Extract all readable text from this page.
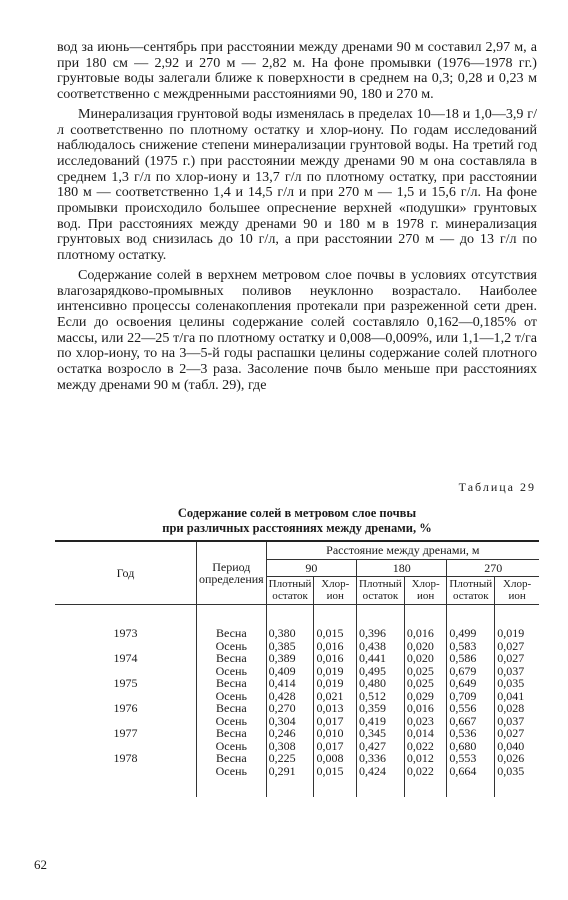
вод за июнь—сентябрь при расстоянии между дренами 90 м составил 2,97 м, а при 180 см — 2,92 и 270 м — 2,82 м. На фоне промывки (1976—1978 гг.) грунтовые воды залегали ближе к поверхности в среднем на 0,3; 0,28 и 0,23 м соответственно с междренными расстояниями 90, 180 и 270 м.

Минерализация грунтовой воды изменялась в пределах 10—18 и 1,0—3,9 г/л соответственно по плотному остатку и хлор-иону. По годам исследований наблюдалось снижение степени минерализации грунтовой воды. На третий год исследований (1975 г.) при расстоянии между дренами 90 м она составляла в среднем 1,3 г/л по хлор-иону и 13,7 г/л по плотному остатку, при расстоянии 180 м — соответственно 1,4 и 14,5 г/л и при 270 м — 1,5 и 15,6 г/л. На фоне промывки происходило большее опреснение верхней «подушки» грунтовых вод. При расстояниях между дренами 90 и 180 м в 1978 г. минерализация грунтовых вод снизилась до 10 г/л, а при расстоянии 270 м — до 13 г/л по плотному остатку.

Содержание солей в верхнем метровом слое почвы в условиях отсутствия влагозарядково-промывных поливов неуклонно возрастало. Наиболее интенсивно процессы соленакопления протекали при разреженной сети дрен. Если до освоения целины содержание солей составляло 0,162—0,185% от массы, или 22—25 т/га по плотному остатку и 0,008—0,009%, или 1,1—1,2 т/га по хлор-иону, то на 3—5-й годы распашки целины содержание солей плотного остатка возросло в 2—3 раза. Засоление почв было меньше при расстояниях между дренами 90 м (табл. 29), где

Таблица 29
Содержание солей в метровом слое почвы
при различных расстояниях между дренами, %
Год	Период определения	Расстояние между дренами, м					
		90		180		270	
		Плотный остаток	Хлор-ион	Плотный остаток	Хлор-ион	Плотный остаток	Хлор-ион
1973	Весна	0,380	0,015	0,396	0,016	0,499	0,019
	Осень	0,385	0,016	0,438	0,020	0,583	0,027
1974	Весна	0,389	0,016	0,441	0,020	0,586	0,027
	Осень	0,409	0,019	0,495	0,025	0,679	0,037
1975	Весна	0,414	0,019	0,480	0,025	0,649	0,035
	Осень	0,428	0,021	0,512	0,029	0,709	0,041
1976	Весна	0,270	0,013	0,359	0,016	0,556	0,028
	Осень	0,304	0,017	0,419	0,023	0,667	0,037
1977	Весна	0,246	0,010	0,345	0,014	0,536	0,027
	Осень	0,308	0,017	0,427	0,022	0,680	0,040
1978	Весна	0,225	0,008	0,336	0,012	0,553	0,026
	Осень	0,291	0,015	0,424	0,022	0,664	0,035
62
